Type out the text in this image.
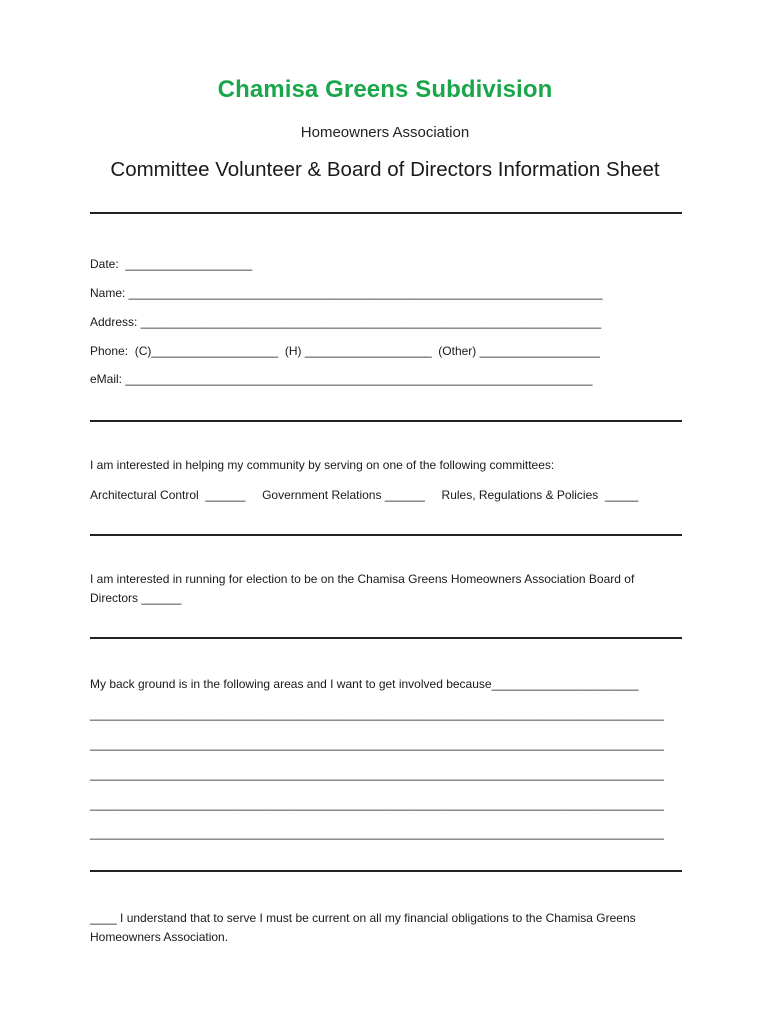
Chamisa Greens Subdivision
Homeowners Association
Committee Volunteer & Board of Directors Information Sheet
Date:  ___________________
Name: _______________________________________________________________________
Address: _____________________________________________________________________
Phone:  (C)___________________  (H) ___________________  (Other) __________________
eMail: ______________________________________________________________________
I am interested in helping my community by serving on one of the following committees:
Architectural Control  ______     Government Relations ______     Rules, Regulations & Policies  _____
I am interested in running for election to be on the Chamisa Greens Homeowners Association Board of Directors ______
My back ground is in the following areas and I want to get involved because______________________
______________________________________________________________________________________
______________________________________________________________________________________
______________________________________________________________________________________
______________________________________________________________________________________
______________________________________________________________________________________
____ I understand that to serve I must be current on all my financial obligations to the Chamisa Greens Homeowners Association.
